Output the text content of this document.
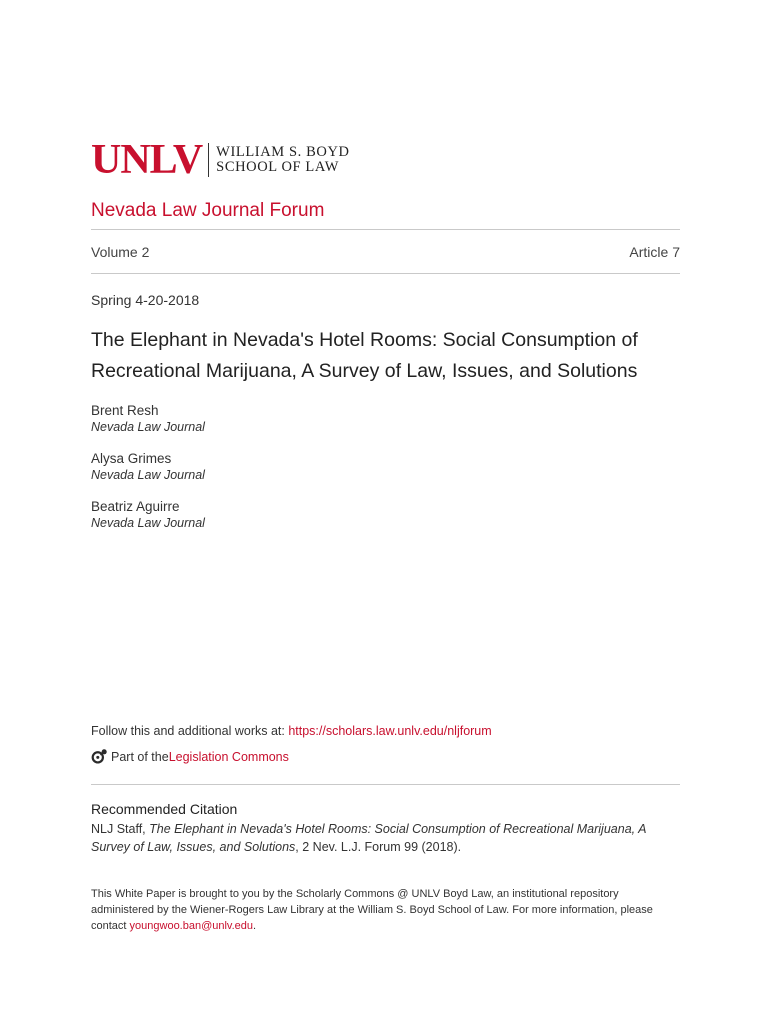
UNLV WILLIAM S. BOYD
SCHOOL OF LAW
Nevada Law Journal Forum
Volume 2	Article 7
Spring 4-20-2018
The Elephant in Nevada's Hotel Rooms: Social Consumption of Recreational Marijuana, A Survey of Law, Issues, and Solutions
Brent Resh
Nevada Law Journal
Alysa Grimes
Nevada Law Journal
Beatriz Aguirre
Nevada Law Journal
Follow this and additional works at: https://scholars.law.unlv.edu/nljforum
Part of the Legislation Commons
Recommended Citation
NLJ Staff, The Elephant in Nevada's Hotel Rooms: Social Consumption of Recreational Marijuana, A Survey of Law, Issues, and Solutions, 2 Nev. L.J. Forum 99 (2018).
This White Paper is brought to you by the Scholarly Commons @ UNLV Boyd Law, an institutional repository administered by the Wiener-Rogers Law Library at the William S. Boyd School of Law. For more information, please contact youngwoo.ban@unlv.edu.
